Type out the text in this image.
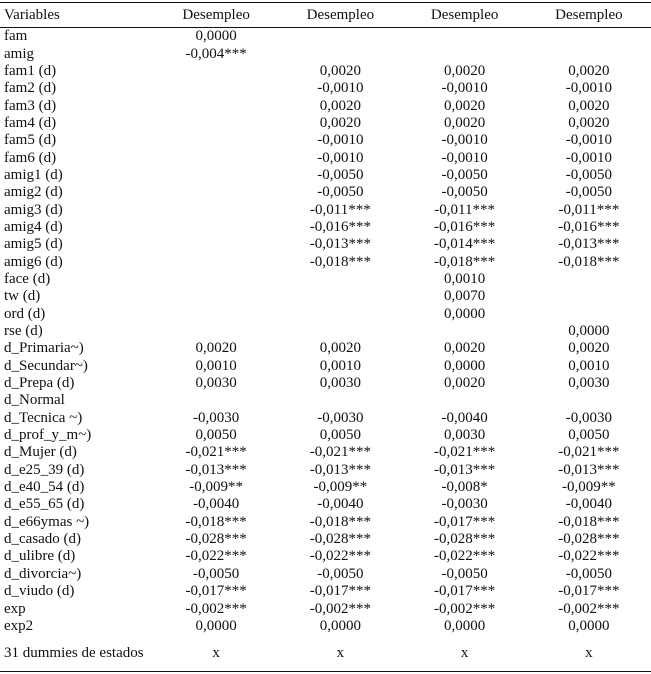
Variables	Desempleo	Desempleo	Desempleo	Desempleo
fam	0,0000			
amig	-0,004***			
fam1 (d)		0,0020	0,0020	0,0020
fam2 (d)		-0,0010	-0,0010	-0,0010
fam3 (d)		0,0020	0,0020	0,0020
fam4 (d)		0,0020	0,0020	0,0020
fam5 (d)		-0,0010	-0,0010	-0,0010
fam6 (d)		-0,0010	-0,0010	-0,0010
amig1 (d)		-0,0050	-0,0050	-0,0050
amig2 (d)		-0,0050	-0,0050	-0,0050
amig3 (d)		-0,011***	-0,011***	-0,011***
amig4 (d)		-0,016***	-0,016***	-0,016***
amig5 (d)		-0,013***	-0,014***	-0,013***
amig6 (d)		-0,018***	-0,018***	-0,018***
face (d)			0,0010	
tw (d)			0,0070	
ord (d)			0,0000	
rse (d)				0,0000
d_Primaria~)	0,0020	0,0020	0,0020	0,0020
d_Secundar~)	0,0010	0,0010	0,0000	0,0010
d_Prepa (d)	0,0030	0,0030	0,0020	0,0030
d_Normal				
d_Tecnica ~)	-0,0030	-0,0030	-0,0040	-0,0030
d_prof_y_m~)	0,0050	0,0050	0,0030	0,0050
d_Mujer (d)	-0,021***	-0,021***	-0,021***	-0,021***
d_e25_39 (d)	-0,013***	-0,013***	-0,013***	-0,013***
d_e40_54 (d)	-0,009**	-0,009**	-0,008*	-0,009**
d_e55_65 (d)	-0,0040	-0,0040	-0,0030	-0,0040
d_e66ymas ~)	-0,018***	-0,018***	-0,017***	-0,018***
d_casado (d)	-0,028***	-0,028***	-0,028***	-0,028***
d_ulibre (d)	-0,022***	-0,022***	-0,022***	-0,022***
d_divorcia~)	-0,0050	-0,0050	-0,0050	-0,0050
d_viudo (d)	-0,017***	-0,017***	-0,017***	-0,017***
exp	-0,002***	-0,002***	-0,002***	-0,002***
exp2	0,0000	0,0000	0,0000	0,0000
31 dummies de estados	x	x	x	x
